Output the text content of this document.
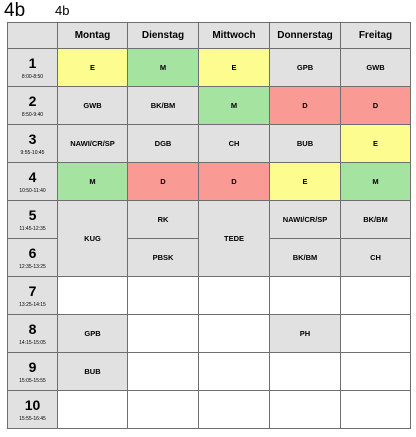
4b 4b
	Montag	Dienstag	Mittwoch	Donnerstag	Freitag

1
8:00-8:50	E	M	E	GPB	GWB

2
8:50-9:40	GWB	BK/BM	M	D	D

3
9:55-10:45	NAWI/CR/SP	DGB	CH	BUB	E

4
10:50-11:40	M	D	D	E	M

5
11:45-12:35	KUG	RK	TEDE	NAWI/CR/SP	BK/BM

6
12:35-13:25		PBSK		BK/BM	CH

7
13:25-14:15					

8
14:15-15:05	GPB			PH	

9
15:05-15:55	BUB				

10
15:55-16:45					
